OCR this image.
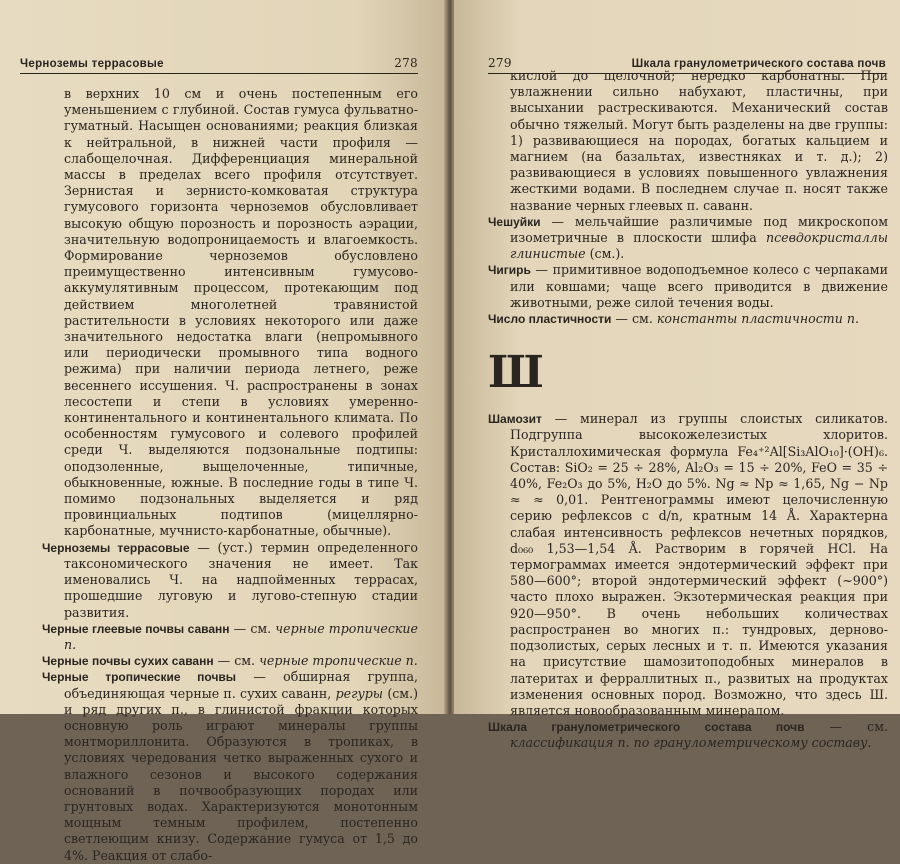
Черноземы террасовые	278

в верхних 10 см и очень постепенным его уменьшением с глубиной. Состав гумуса фульватно-гуматный. Насыщен основаниями; реакция близкая к нейтральной, в нижней части профиля — слабощелочная. Дифференциация минеральной массы в пределах всего профиля отсутствует. Зернистая и зернисто-комковатая структура гумусового горизонта черноземов обусловливает высокую общую порозность и порозность аэрации, значительную водопроницаемость и влагоемкость. Формирование черноземов обусловлено преимущественно интенсивным гумусово-аккумулятивным процессом, протекающим под действием многолетней травянистой растительности в условиях некоторого или даже значительного недостатка влаги (непромывного или периодически промывного типа водного режима) при наличии периода летнего, реже весеннего иссушения. Ч. распространены в зонах лесостепи и степи в условиях умеренно-континентального и континентального климата. По особенностям гумусового и солевого профилей среди Ч. выделяются подзональные подтипы: оподзоленные, выщелоченные, типичные, обыкновенные, южные. В последние годы в типе Ч. помимо подзональных выделяется и ряд провинциальных подтипов (мицеллярно-карбонатные, мучнисто-карбонатные, обычные).

Черноземы террасовые — (уст.) термин определенного таксономического значения не имеет. Так именовались Ч. на надпойменных террасах, прошедшие луговую и лугово-степную стадии развития.

Черные глеевые почвы саванн — см. черные тропические п.

Черные почвы сухих саванн — см. черные тропические п.

Черные тропические почвы — обширная группа, объединяющая черные п. сухих саванн, регуры (см.) и ряд других п., в глинистой фракции которых основную роль играют минералы группы монтмориллонита. Образуются в тропиках, в условиях чередования четко выраженных сухого и влажного сезонов и высокого содержания оснований в почвообразующих породах или грунтовых водах. Характеризуются монотонным мощным темным профилем, постепенно светлеющим книзу. Содержание гумуса от 1,5 до 4%. Реакция от слабо-

279	Шкала гранулометрического состава почв

кислой до щелочной; нередко карбонатны. При увлажнении сильно набухают, пластичны, при высыхании растрескиваются. Механический состав обычно тяжелый. Могут быть разделены на две группы: 1) развивающиеся на породах, богатых кальцием и магнием (на базальтах, известняках и т. д.); 2) развивающиеся в условиях повышенного увлажнения жесткими водами. В последнем случае п. носят также название черных глеевых п. саванн.

Чешуйки — мельчайшие различимые под микроскопом изометричные в плоскости шлифа псевдокристаллы глинистые (см.).

Чигирь — примитивное водоподъемное колесо с черпаками или ковшами; чаще всего приводится в движение животными, реже силой течения воды.

Число пластичности — см. константы пластичности п.

Ш

Шамозит — минерал из группы слоистых силикатов. Подгруппа высокожелезистых хлоритов. Кристаллохимическая формула Fe₄⁺²Al[Si₃AlO₁₀]·(OH)₆. Состав: SiO₂ = 25 ÷ 28%, Al₂O₃ = 15 ÷ 20%, FeO = 35 ÷ 40%, Fe₂O₃ до 5%, H₂O до 5%. Ng ≈ Np ≈ 1,65, Ng − Np ≈ ≈ 0,01. Рентгенограммы имеют целочисленную серию рефлексов с d/n, кратным 14 Å. Характерна слабая интенсивность рефлексов нечетных порядков, d₀₆₀ 1,53—1,54 Å. Растворим в горячей HCl. На термограммах имеется эндотермический эффект при 580—600°; второй эндотермический эффект (~900°) часто плохо выражен. Экзотермическая реакция при 920—950°. В очень небольших количествах распространен во многих п.: тундровых, дерново-подзолистых, серых лесных и т. п. Имеются указания на присутствие шамозитоподобных минералов в латеритах и ферраллитных п., развитых на продуктах изменения основных пород. Возможно, что здесь Ш. является новообразованным минералом.

Шкала гранулометрического состава почв — см. классификация п. по гранулометрическому составу.
